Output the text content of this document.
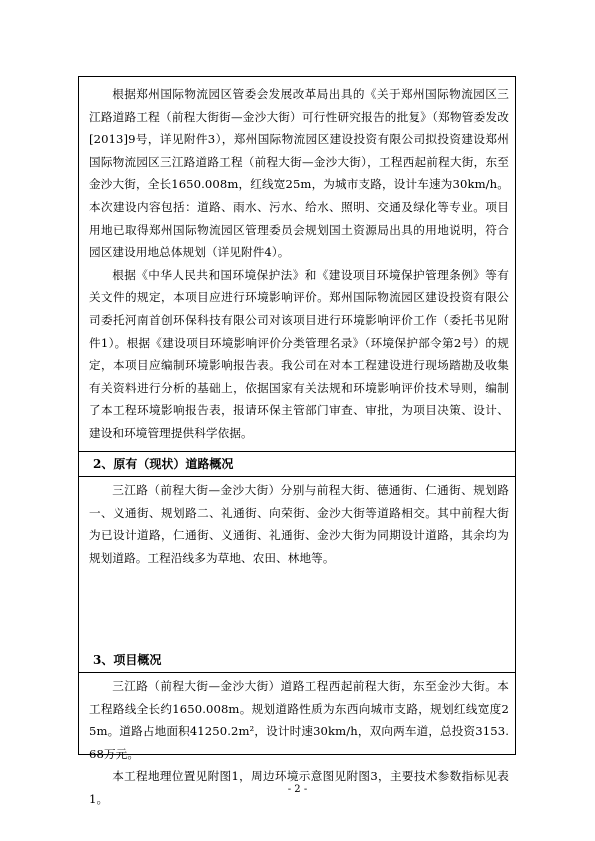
根据郑州国际物流园区管委会发展改革局出具的《关于郑州国际物流园区三江路道路工程（前程大街街—金沙大街）可行性研究报告的批复》（郑物管委发改[2013]9号，详见附件3），郑州国际物流园区建设投资有限公司拟投资建设郑州国际物流园区三江路道路工程（前程大街—金沙大街），工程西起前程大街，东至金沙大街，全长1650.008m，红线宽25m，为城市支路，设计车速为30km/h。本次建设内容包括：道路、雨水、污水、给水、照明、交通及绿化等专业。项目用地已取得郑州国际物流园区管理委员会规划国土资源局出具的用地说明，符合园区建设用地总体规划（详见附件4）。

根据《中华人民共和国环境保护法》和《建设项目环境保护管理条例》等有关文件的规定，本项目应进行环境影响评价。郑州国际物流园区建设投资有限公司委托河南首创环保科技有限公司对该项目进行环境影响评价工作（委托书见附件1）。根据《建设项目环境影响评价分类管理名录》（环境保护部令第2号）的规定，本项目应编制环境影响报告表。我公司在对本工程建设进行现场踏勘及收集有关资料进行分析的基础上，依据国家有关法规和环境影响评价技术导则，编制了本工程环境影响报告表，报请环保主管部门审查、审批，为项目决策、设计、建设和环境管理提供科学依据。

2、原有（现状）道路概况

三江路（前程大街—金沙大街）分别与前程大街、德通街、仁通街、规划路一、义通街、规划路二、礼通街、向荣街、金沙大街等道路相交。其中前程大街为已设计道路，仁通街、义通街、礼通街、金沙大街为同期设计道路，其余均为规划道路。工程沿线多为草地、农田、林地等。

3、项目概况

三江路（前程大街—金沙大街）道路工程西起前程大街，东至金沙大街。本工程路线全长约1650.008m。规划道路性质为东西向城市支路，规划红线宽度25m。道路占地面积41250.2m²，设计时速30km/h，双向两车道，总投资3153.68万元。

本工程地理位置见附图1，周边环境示意图见附图3，主要技术参数指标见表1。

- 2 -
